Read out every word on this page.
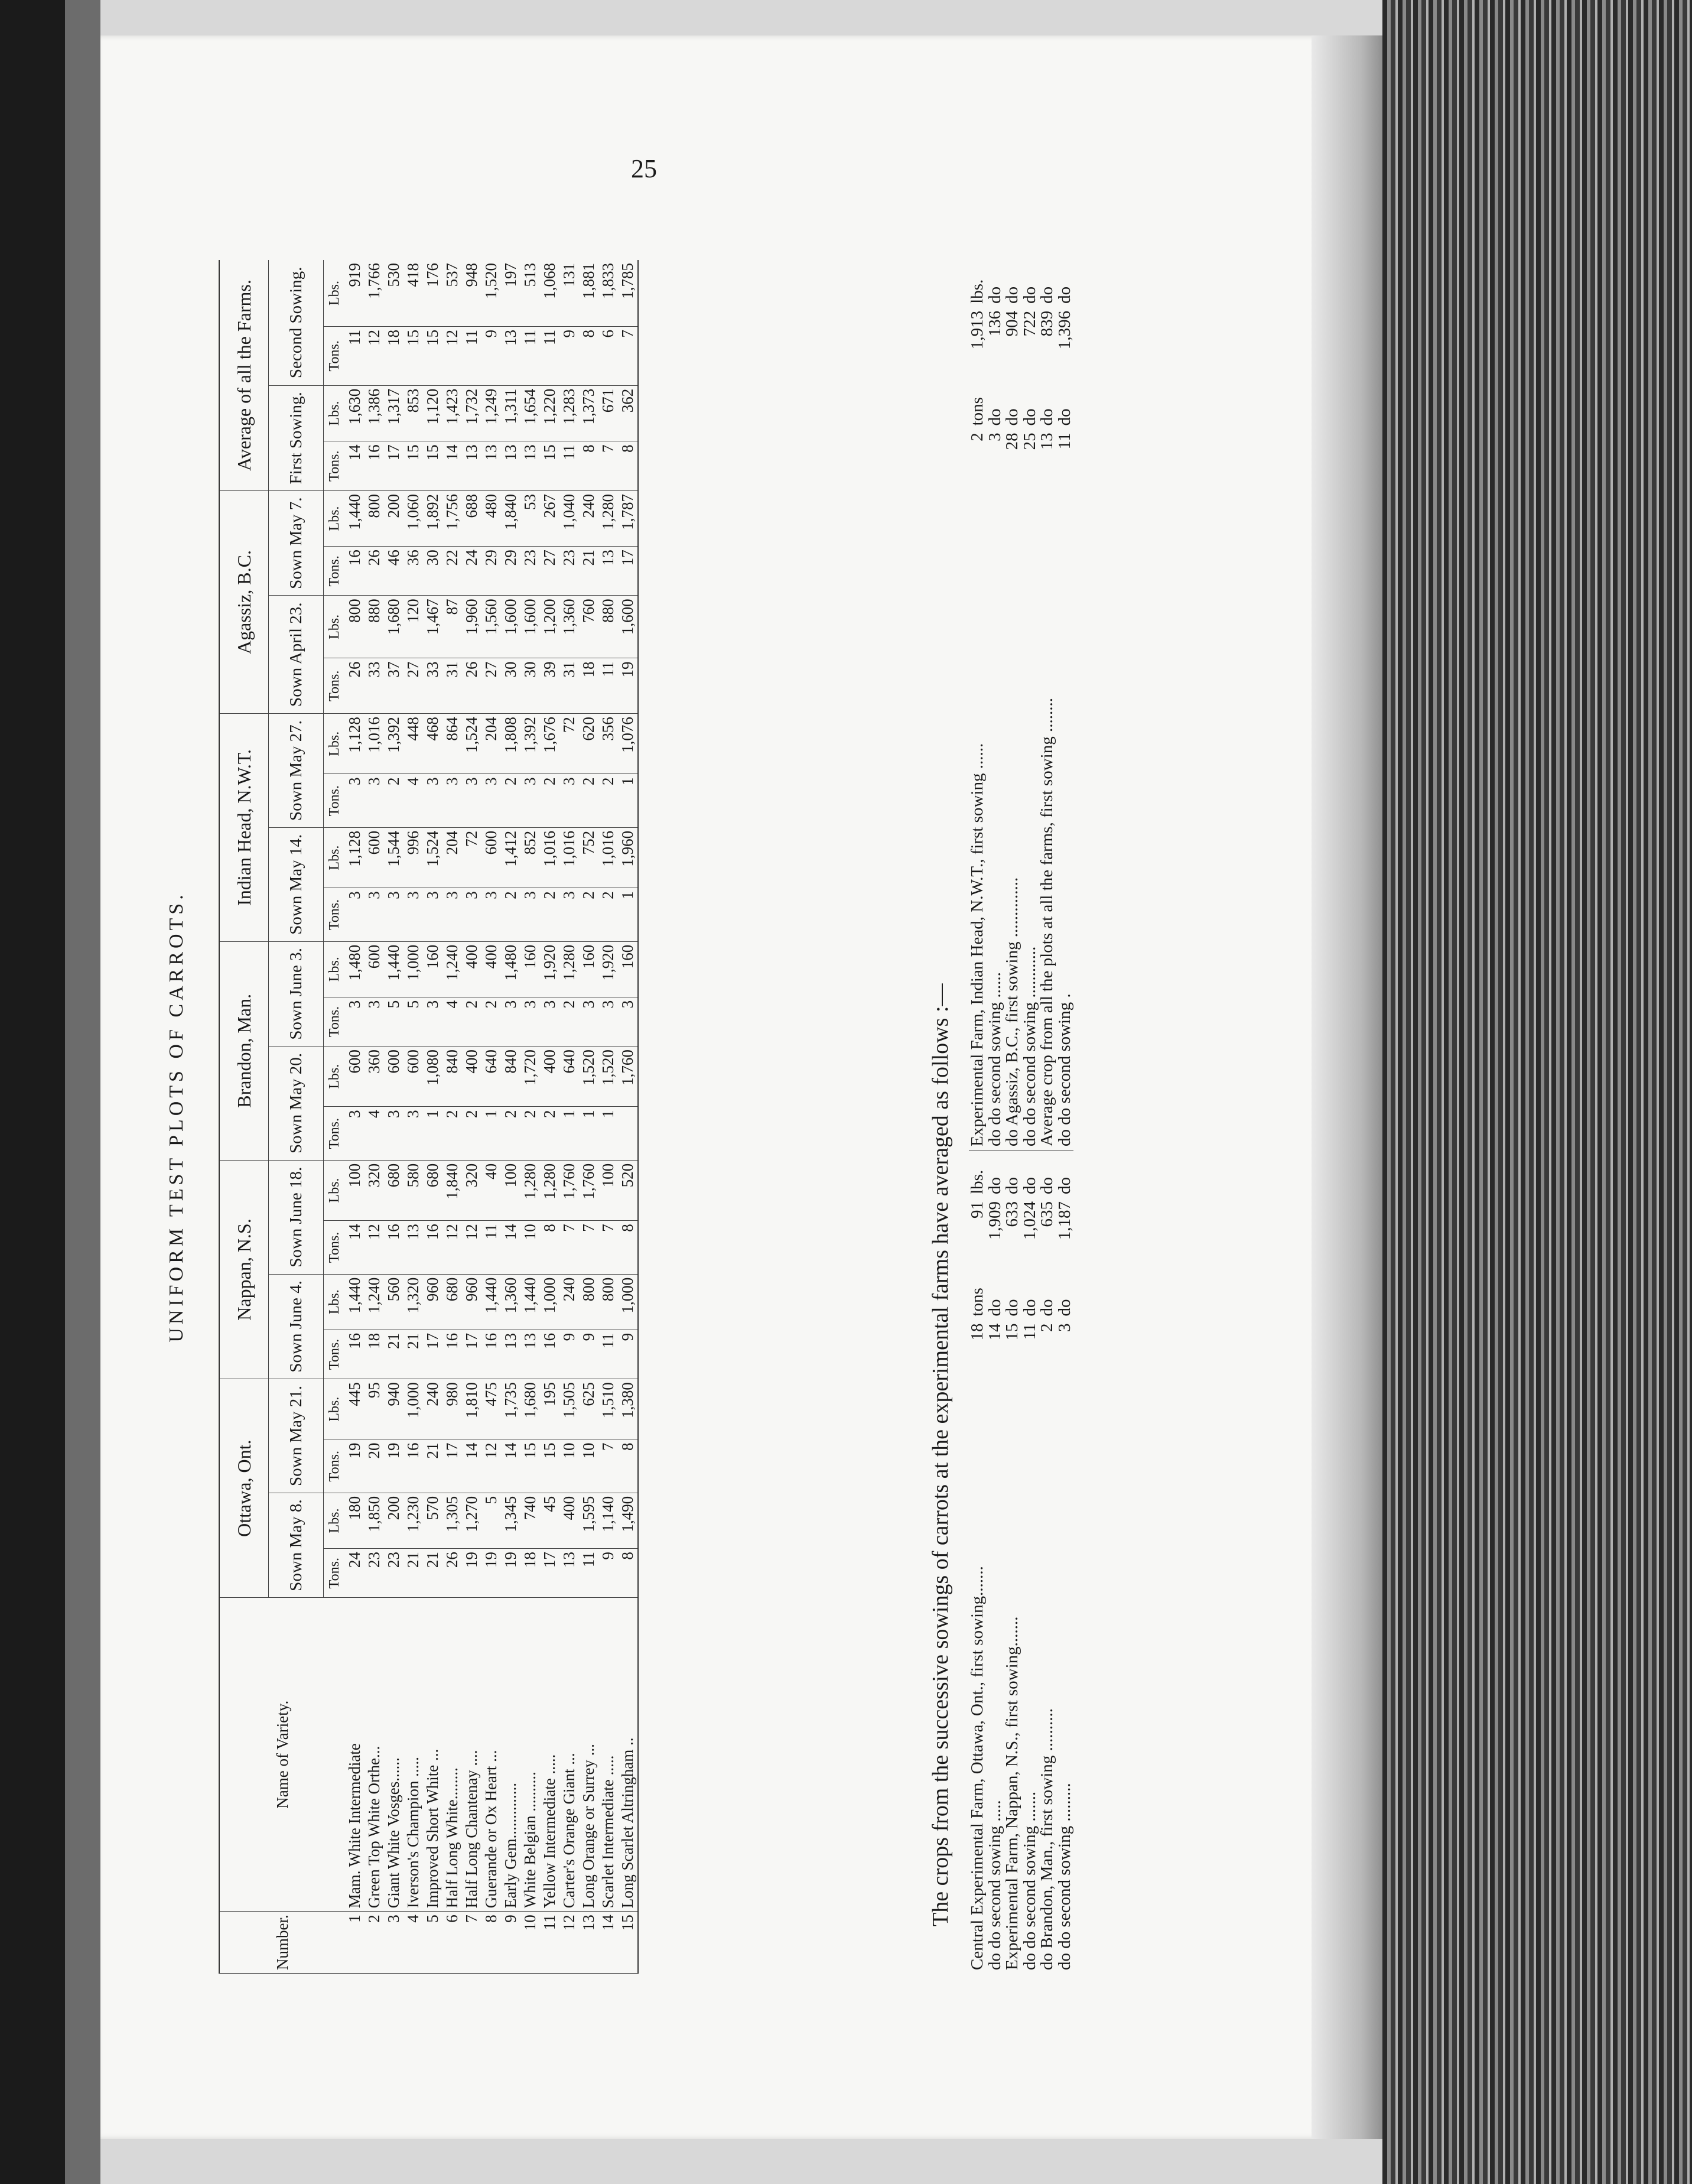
25
UNIFORM TEST PLOTS OF CARROTS.
Number.	Name of Variety.	Ottawa, Ont.				Nappan, N.S.				Brandon, Man.				Indian Head, N.W.T.				Agassiz, B.C.				Average of all the Farms.			
		Sown May 8.		Sown May 21.		Sown June 4.		Sown June 18.		Sown May 20.		Sown June 3.		Sown May 14.		Sown May 27.		Sown April 23.		Sown May 7.		First Sowing.		Second Sowing.	
		Tons.	Lbs.	Tons.	Lbs.	Tons.	Lbs.	Tons.	Lbs.	Tons.	Lbs.	Tons.	Lbs.	Tons.	Lbs.	Tons.	Lbs.	Tons.	Lbs.	Tons.	Lbs.	Tons.	Lbs.	Tons.	Lbs.
1	Mam. White Intermediate	24	180	19	445	16	1,440	14	100	3	600	3	1,480	3	1,128	3	1,128	26	800	16	1,440	14	1,630	11	919
2	Green Top White Orthe...	23	1,850	20	95	18	1,240	12	320	4	360	3	600	3	600	3	1,016	33	880	26	800	16	1,386	12	1,766
3	Giant White Vosges......	23	200	19	940	21	560	16	680	3	600	5	1,440	3	1,544	2	1,392	37	1,680	46	200	17	1,317	18	530
4	Iverson's Champion .....	21	1,230	16	1,000	21	1,320	13	580	3	600	5	1,000	3	996	4	448	27	120	36	1,060	15	853	15	418
5	Improved Short White ...	21	570	21	240	17	960	16	680	1	1,080	3	160	3	1,524	3	468	33	1,467	30	1,892	15	1,120	15	176
6	Half Long White........	26	1,305	17	980	16	680	12	1,840	2	840	4	1,240	3	204	3	864	31	87	22	1,756	14	1,423	12	537
7	Half Long Chantenay ....	19	1,270	14	1,810	17	960	12	320	2	400	2	400	3	72	3	1,524	26	1,960	24	688	13	1,732	11	948
8	Guerande or Ox Heart ...	19	5	12	475	16	1,440	11	40	1	640	2	400	3	600	3	204	27	1,560	29	480	13	1,249	9	1,520
9	Early Gem..............	19	1,345	14	1,735	13	1,360	14	100	2	840	3	1,480	2	1,412	2	1,808	30	1,600	29	1,840	13	1,311	13	197
10	White Belgian ..........	18	740	15	1,680	13	1,440	10	1,280	2	1,720	3	160	3	852	3	1,392	30	1,600	23	53	13	1,654	11	513
11	Yellow Intermediate .....	17	45	15	195	16	1,000	8	1,280	2	400	3	1,920	2	1,016	2	1,676	39	1,200	27	267	15	1,220	11	1,068
12	Carter's Orange Giant ...	13	400	10	1,505	9	240	7	1,760	1	640	2	1,280	3	1,016	3	72	31	1,360	23	1,040	11	1,283	9	131
13	Long Orange or Surrey ...	11	1,595	10	625	9	800	7	1,760	1	1,520	3	160	2	752	2	620	18	760	21	240	8	1,373	8	1,881
14	Scarlet Intermediate .....	9	1,140	7	1,510	11	800	7	100	1	1,520	3	1,920	2	1,016	2	356	11	880	13	1,280	7	671	6	1,833
15	Long Scarlet Altringham ..	8	1,490	8	1,380	9	1,000	8	520		1,760	3	160	1	1,960	1	1,076	19	1,600	17	1,787	8	362	7	1,785
The crops from the successive sowings of carrots at the experimental farms have averaged as follows :— Central Experimental Farm, Ottawa, Ont., first sowing.......	18	tons	91	lbs.	Experimental Farm, Indian Head, N.W.T., first sowing ......	2	tons	1,913	lbs.
do do second sowing .....	14	do	1,909	do	do do second sowing ......	3	do	136	do
Experimental Farm, Nappan, N.S., first sowing.......	15	do	633	do	do Agassiz, B.C., first sowing ..............	28	do	904	do
do do second sowing .......	11	do	1,024	do	do do second sowing ............	25	do	722	do
do Brandon, Man., first sowing ..........	2	do	635	do	Average crop from all the plots at all the farms, first sowing ........	13	do	839	do
do do second sowing .........	3	do	1,187	do	do do second sowing .	11	do	1,396	do
